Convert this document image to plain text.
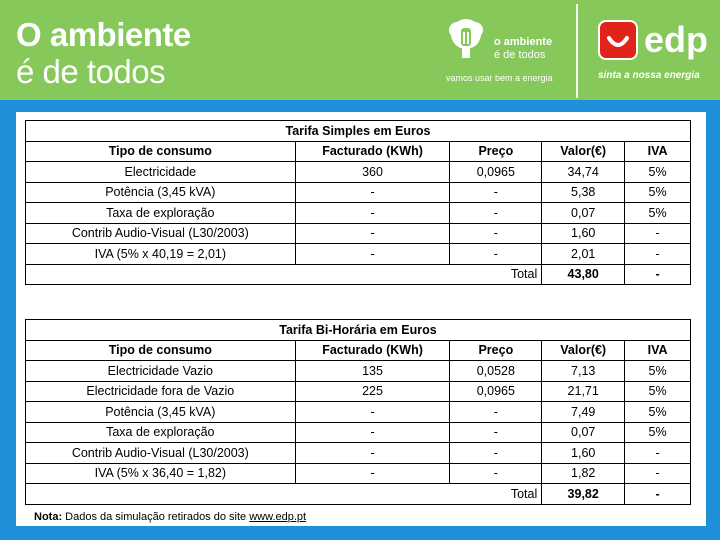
O ambiente
é de todos
o ambiente
é de todos
vamos usar bem a energia
edp
sinta a nossa energia
Tarifa Simples em Euros				
Tipo de consumo	Facturado (KWh)	Preço	Valor(€)	IVA
Electricidade	360	0,0965	34,74	5%
Potência (3,45 kVA)	-	-	5,38	5%
Taxa de exploração	-	-	0,07	5%
Contrib Audio-Visual (L30/2003)	-	-	1,60	-
IVA (5% x 40,19 = 2,01)	-	-	2,01	-
Total			43,80	-
Tarifa Bi-Horária em Euros				
Tipo de consumo	Facturado (KWh)	Preço	Valor(€)	IVA
Electricidade Vazio	135	0,0528	7,13	5%
Electricidade fora de Vazio	225	0,0965	21,71	5%
Potência (3,45 kVA)	-	-	7,49	5%
Taxa de exploração	-	-	0,07	5%
Contrib Audio-Visual (L30/2003)	-	-	1,60	-
IVA (5% x 36,40 = 1,82)	-	-	1,82	-
Total			39,82	-
Nota: Dados da simulação retirados do site www.edp.pt
